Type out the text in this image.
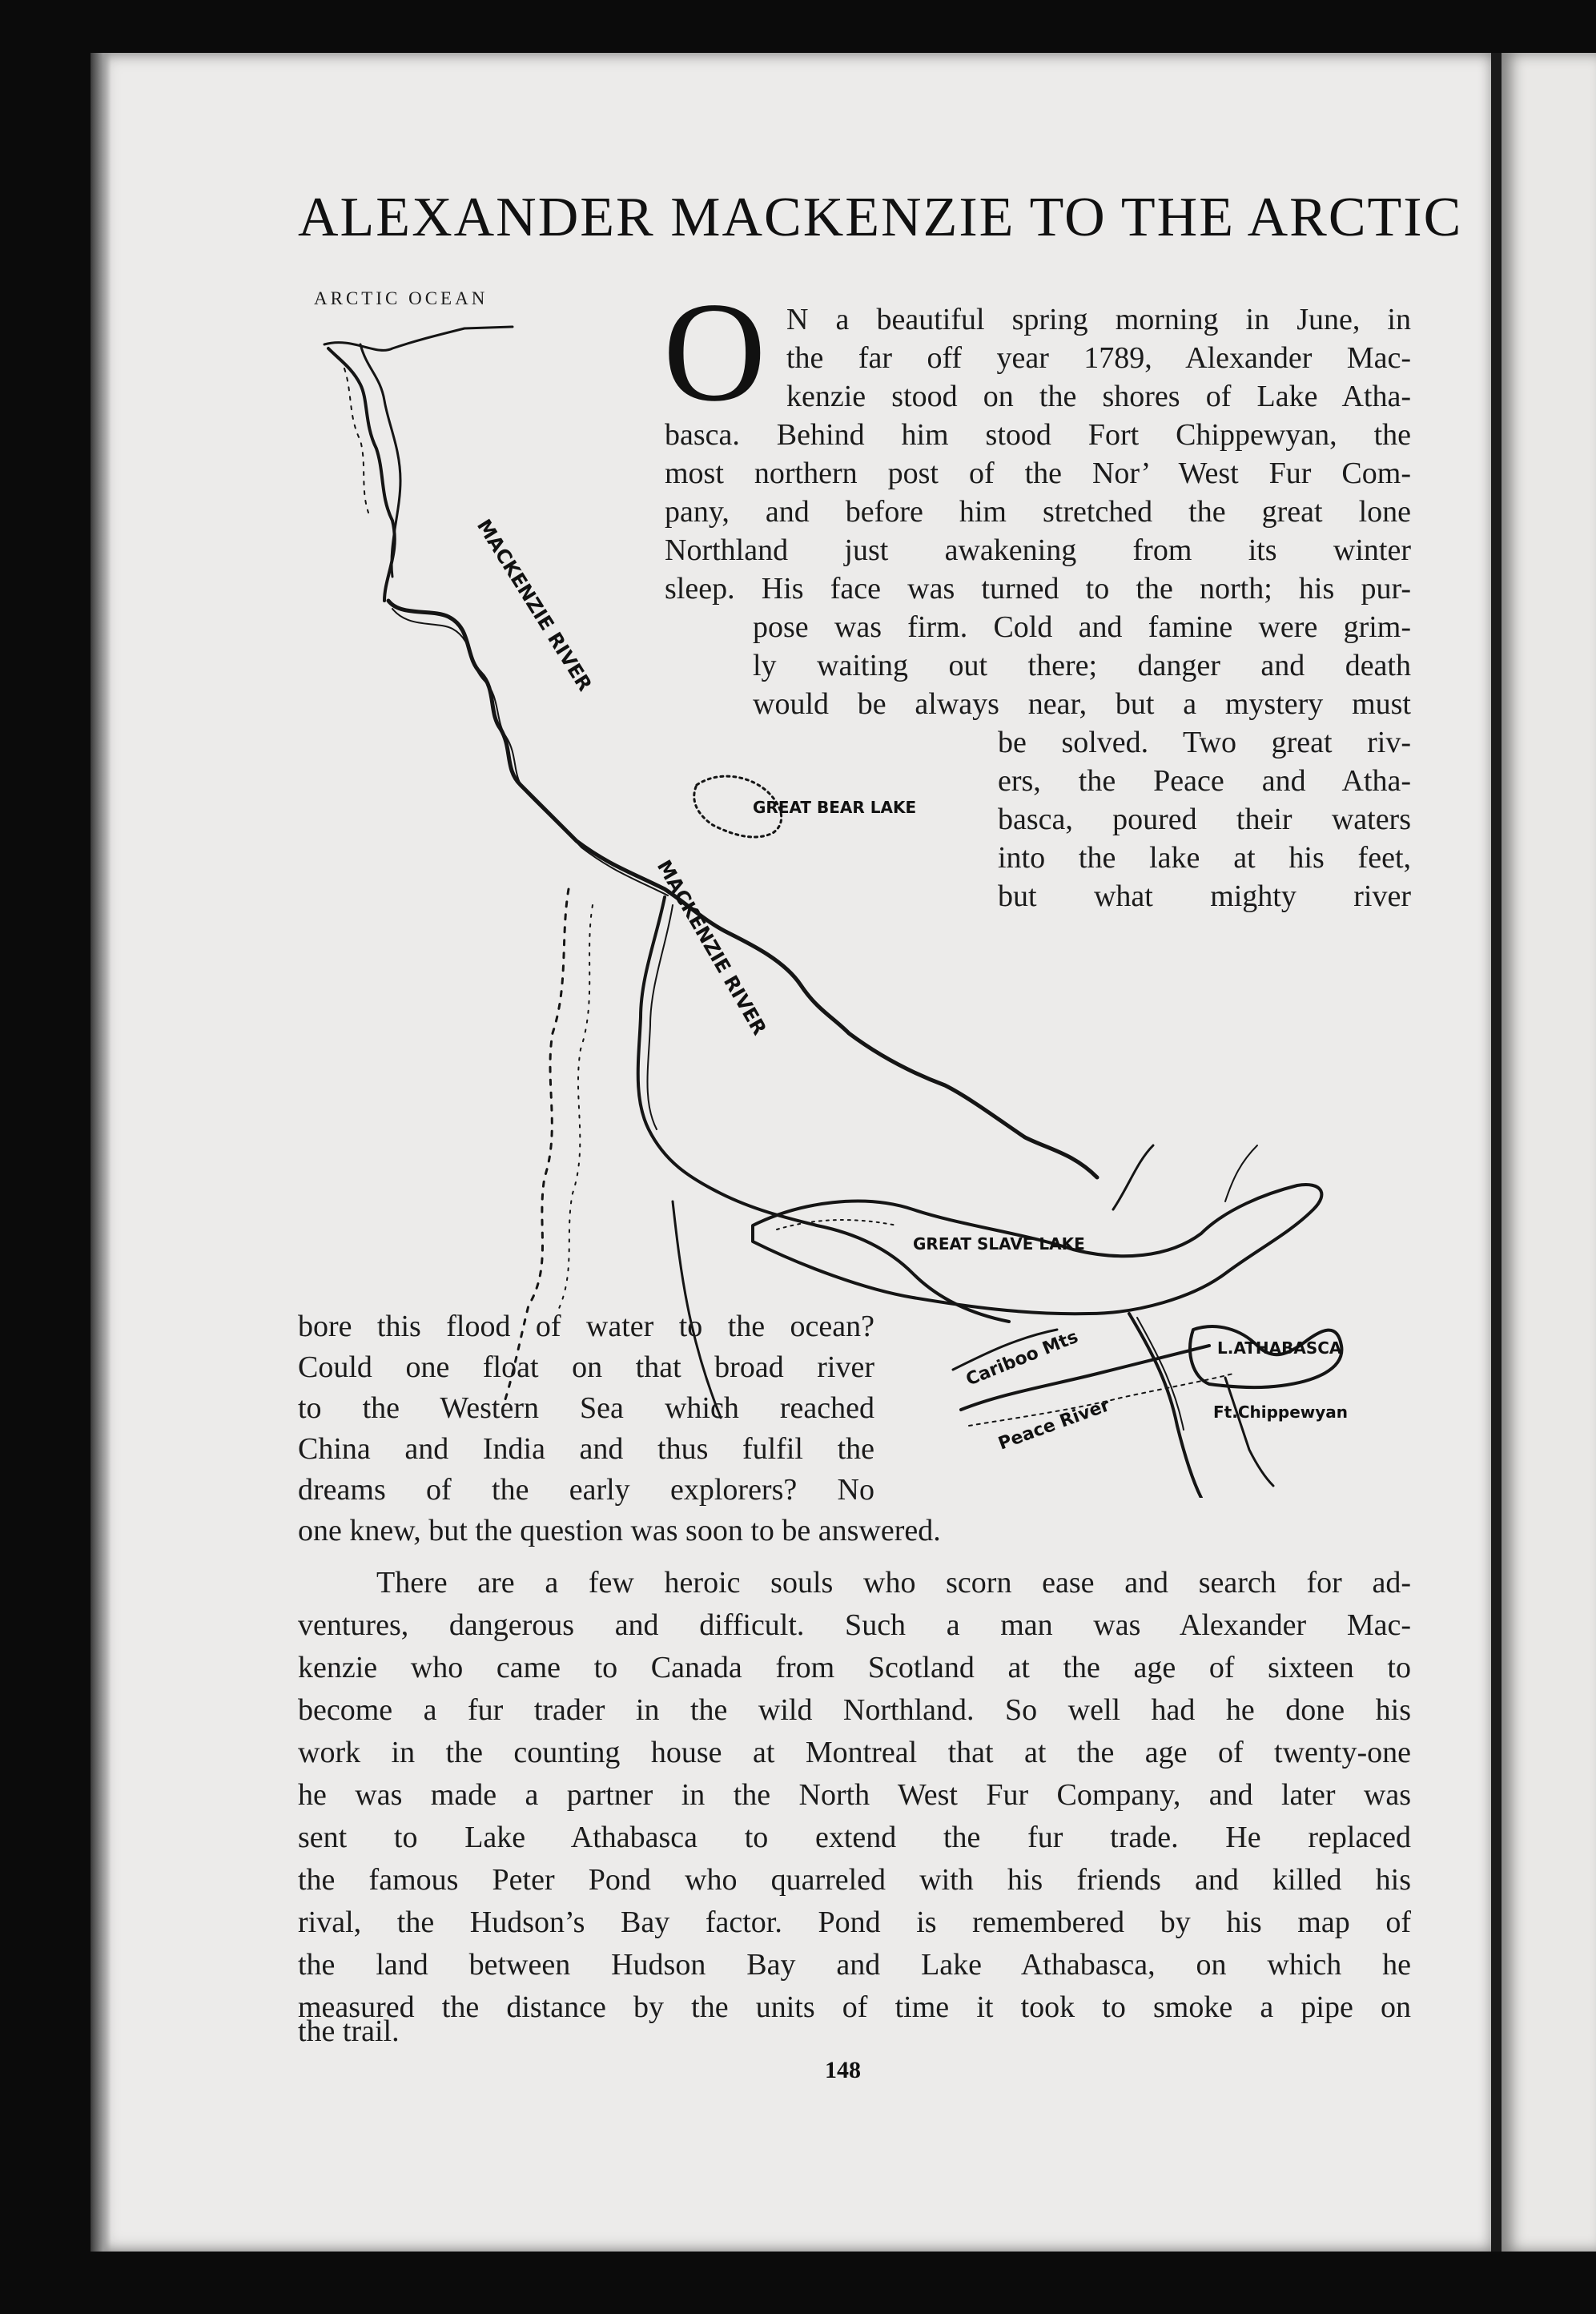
ALEXANDER MACKENZIE TO THE ARCTIC
ARCTIC OCEAN
MACKENZIE RIVER
GREAT BEAR LAKE
MACKENZIE RIVER
GREAT SLAVE LAKE
O N a beautiful spring morning in June, in
the far off year 1789, Alexander Mac-
kenzie stood on the shores of Lake Atha-
basca. Behind him stood Fort Chippewyan, the
most northern post of the Nor’ West Fur Com-
pany, and before him stretched the great lone
Northland just awakening from its winter
sleep. His face was turned to the north; his pur-
pose was firm. Cold and famine were grim-
ly waiting out there; danger and death
would be always near, but a mystery must
be solved. Two great riv-
ers, the Peace and Atha-
basca, poured their waters
into the lake at his feet,
but what mighty river
bore this flood of water to the ocean?
Could one float on that broad river
to the Western Sea which reached
China and India and thus fulfil the
dreams of the early explorers? No
one knew, but the question was soon to be answered.
There are a few heroic souls who scorn ease and search for ad-
ventures, dangerous and difficult. Such a man was Alexander Mac-
kenzie who came to Canada from Scotland at the age of sixteen to
become a fur trader in the wild Northland. So well had he done his
work in the counting house at Montreal that at the age of twenty-one
he was made a partner in the North West Fur Company, and later was
sent to Lake Athabasca to extend the fur trade. He replaced
the famous Peter Pond who quarreled with his friends and killed his
rival, the Hudson’s Bay factor. Pond is remembered by his map of
the land between Hudson Bay and Lake Athabasca, on which he
measured the distance by the units of time it took to smoke a pipe on
the trail.
Cariboo Mts
Peace River
L.ATHABASCA
Ft.Chippewyan
148
